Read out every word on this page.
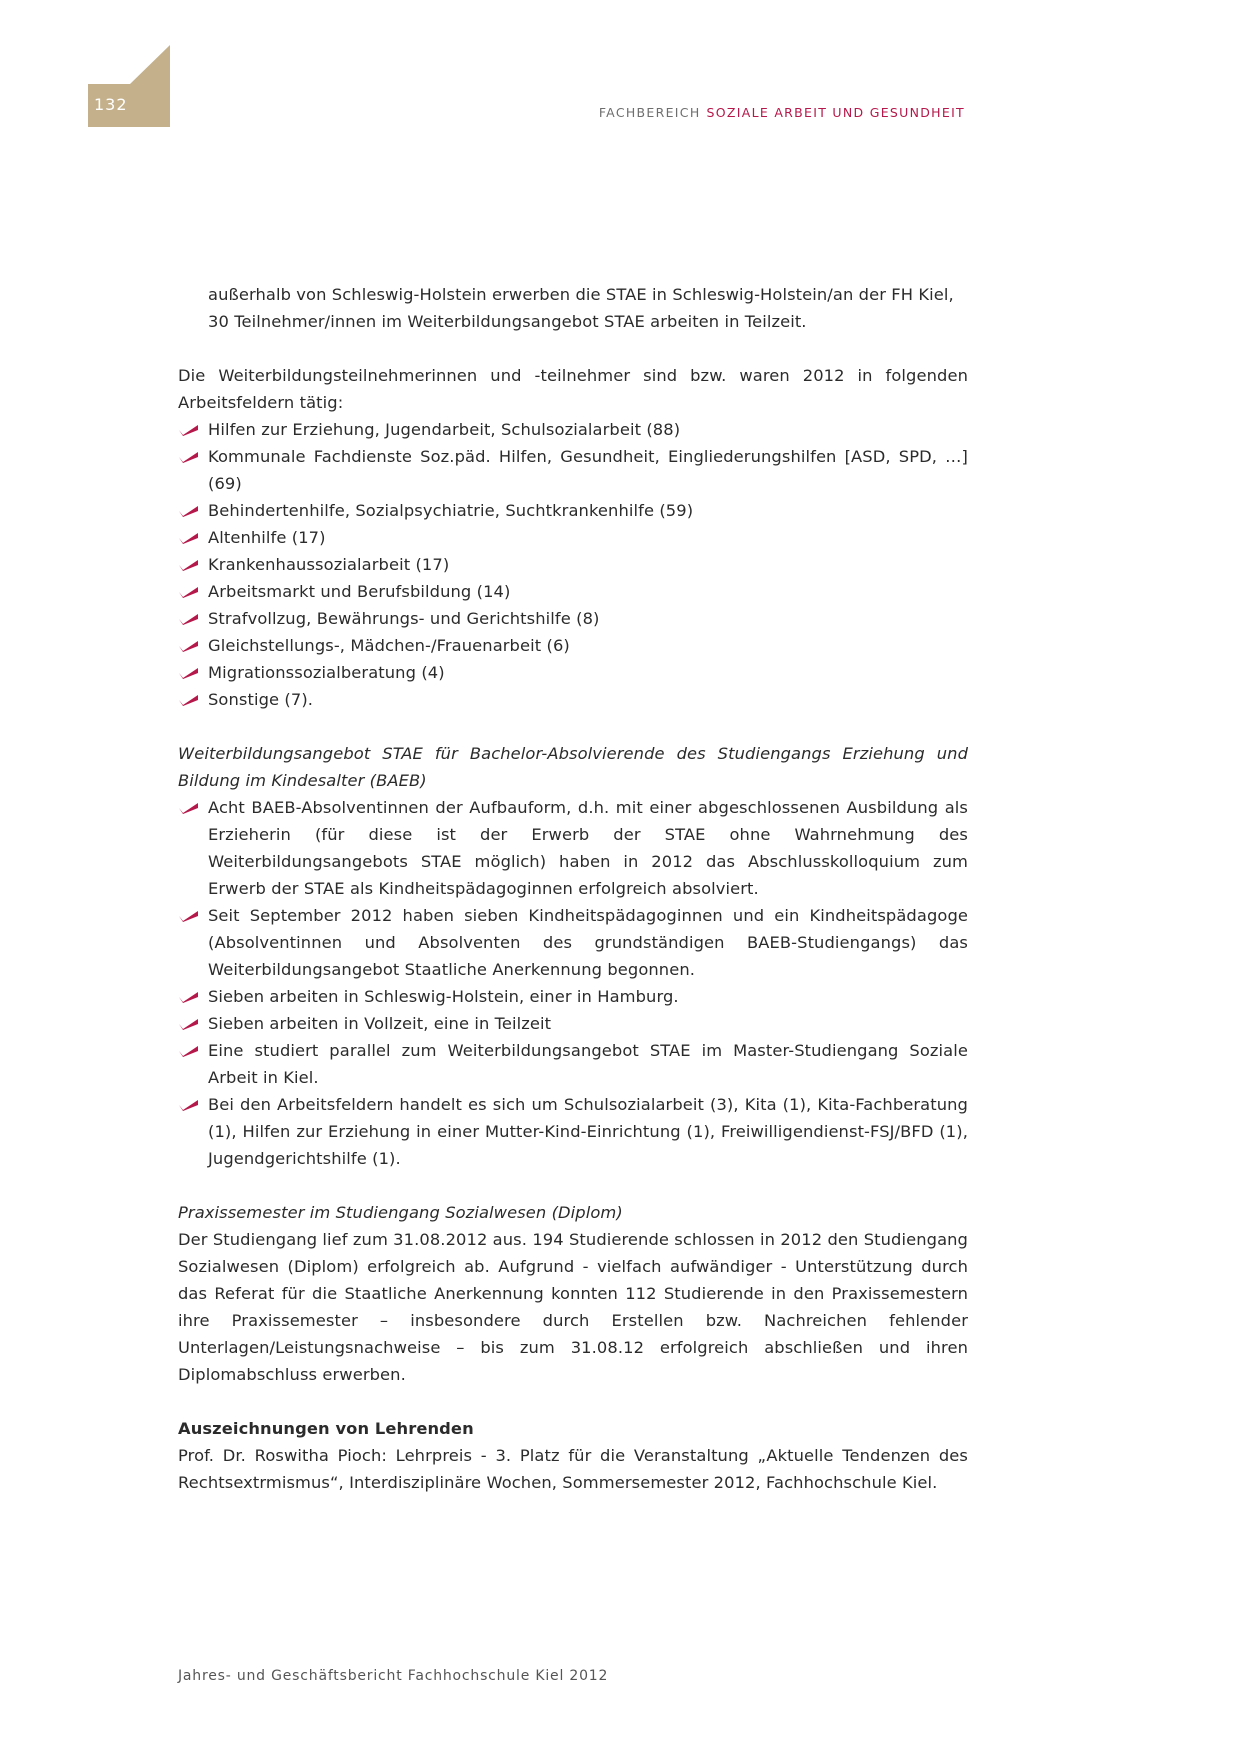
132	FACHBEREICH SOZIALE ARBEIT UND GESUNDHEIT

außerhalb von Schleswig-Holstein erwerben die STAE in Schleswig-Holstein/an der FH Kiel,

30 Teilnehmer/innen im Weiterbildungsangebot STAE arbeiten in Teilzeit.

Die Weiterbildungsteilnehmerinnen und -teilnehmer sind bzw. waren 2012 in folgenden Arbeitsfeldern tätig:

Hilfen zur Erziehung, Jugendarbeit, Schulsozialarbeit (88)
Kommunale Fachdienste Soz.päd. Hilfen, Gesundheit, Eingliederungshilfen [ASD, SPD, …] (69)
Behindertenhilfe, Sozialpsychiatrie, Suchtkrankenhilfe (59)
Altenhilfe (17)
Krankenhaussozialarbeit (17)
Arbeitsmarkt und Berufsbildung (14)
Strafvollzug, Bewährungs- und Gerichtshilfe (8)
Gleichstellungs-, Mädchen-/Frauenarbeit (6)
Migrationssozialberatung (4)
Sonstige (7).

Weiterbildungsangebot STAE für Bachelor-Absolvierende des Studiengangs Erziehung und Bildung im Kindesalter (BAEB)

Acht BAEB-Absolventinnen der Aufbauform, d.h. mit einer abgeschlossenen Ausbildung als Erzieherin (für diese ist der Erwerb der STAE ohne Wahrnehmung des Weiterbildungsangebots STAE möglich) haben in 2012 das Abschlusskolloquium zum Erwerb der STAE als Kindheitspädagoginnen erfolgreich absolviert.
Seit September 2012 haben sieben Kindheitspädagoginnen und ein Kindheitspädagoge (Absolventinnen und Absolventen des grundständigen BAEB-Studiengangs) das Weiterbildungsangebot Staatliche Anerkennung begonnen.
Sieben arbeiten in Schleswig-Holstein, einer in Hamburg.
Sieben arbeiten in Vollzeit, eine in Teilzeit
Eine studiert parallel zum Weiterbildungsangebot STAE im Master-Studiengang Soziale Arbeit in Kiel.
Bei den Arbeitsfeldern handelt es sich um Schulsozialarbeit (3), Kita (1), Kita-Fachberatung (1), Hilfen zur Erziehung in einer Mutter-Kind-Einrichtung (1), Freiwilligendienst-FSJ/BFD (1), Jugendgerichtshilfe (1).

Praxissemester im Studiengang Sozialwesen (Diplom)

Der Studiengang lief zum 31.08.2012 aus. 194 Studierende schlossen in 2012 den Studiengang Sozialwesen (Diplom) erfolgreich ab. Aufgrund - vielfach aufwändiger - Unterstützung durch das Referat für die Staatliche Anerkennung konnten 112 Studierende in den Praxissemestern ihre Praxissemester – insbesondere durch Erstellen bzw. Nachreichen fehlender Unterlagen/Leistungsnachweise – bis zum 31.08.12 erfolgreich abschließen und ihren Diplomabschluss erwerben.

Auszeichnungen von Lehrenden

Prof. Dr. Roswitha Pioch: Lehrpreis - 3. Platz für die Veranstaltung „Aktuelle Tendenzen des Rechtsextrmismus“, Interdisziplinäre Wochen, Sommersemester 2012, Fachhochschule Kiel.

Jahres- und Geschäftsbericht Fachhochschule Kiel 2012
